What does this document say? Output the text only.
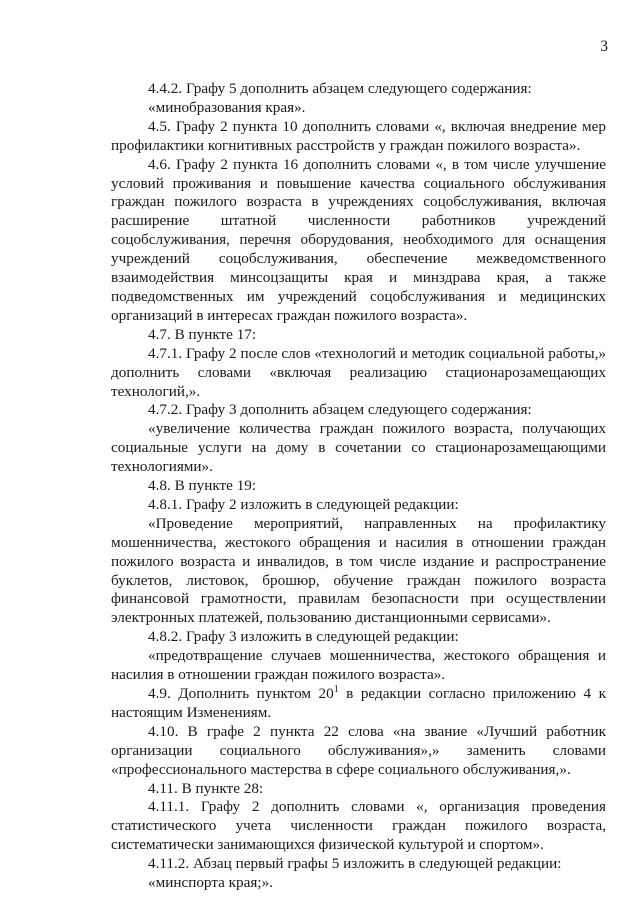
3

4.4.2. Графу 5 дополнить абзацем следующего содержания:

«минобразования края».

4.5. Графу 2 пункта 10 дополнить словами «, включая внедрение мер профилактики когнитивных расстройств у граждан пожилого возраста».

4.6. Графу 2 пункта 16 дополнить словами «, в том числе улучшение условий проживания и повышение качества социального обслуживания граждан пожилого возраста в учреждениях соцобслуживания, включая расширение штатной численности работников учреждений соцобслуживания, перечня оборудования, необходимого для оснащения учреждений соцобслуживания, обеспечение межведомственного взаимодействия минсоцзащиты края и минздрава края, а также подведомственных им учреждений соцобслуживания и медицинских организаций в интересах граждан пожилого возраста».

4.7. В пункте 17:

4.7.1. Графу 2 после слов «технологий и методик социальной работы,» дополнить словами «включая реализацию стационарозамещающих технологий,».

4.7.2. Графу 3 дополнить абзацем следующего содержания:

«увеличение количества граждан пожилого возраста, получающих социальные услуги на дому в сочетании со стационарозамещающими технологиями».

4.8. В пункте 19:

4.8.1. Графу 2 изложить в следующей редакции:

«Проведение мероприятий, направленных на профилактику мошенничества, жестокого обращения и насилия в отношении граждан пожилого возраста и инвалидов, в том числе издание и распространение буклетов, листовок, брошюр, обучение граждан пожилого возраста финансовой грамотности, правилам безопасности при осуществлении электронных платежей, пользованию дистанционными сервисами».

4.8.2. Графу 3 изложить в следующей редакции:

«предотвращение случаев мошенничества, жестокого обращения и насилия в отношении граждан пожилого возраста».

4.9. Дополнить пунктом $20^1$ в редакции согласно приложению 4 к настоящим Изменениям.

4.10. В графе 2 пункта 22 слова «на звание «Лучший работник организации социального обслуживания»,» заменить словами «профессионального мастерства в сфере социального обслуживания,».

4.11. В пункте 28:

4.11.1. Графу 2 дополнить словами «, организация проведения статистического учета численности граждан пожилого возраста, систематически занимающихся физической культурой и спортом».

4.11.2. Абзац первый графы 5 изложить в следующей редакции:

«минспорта края;».
